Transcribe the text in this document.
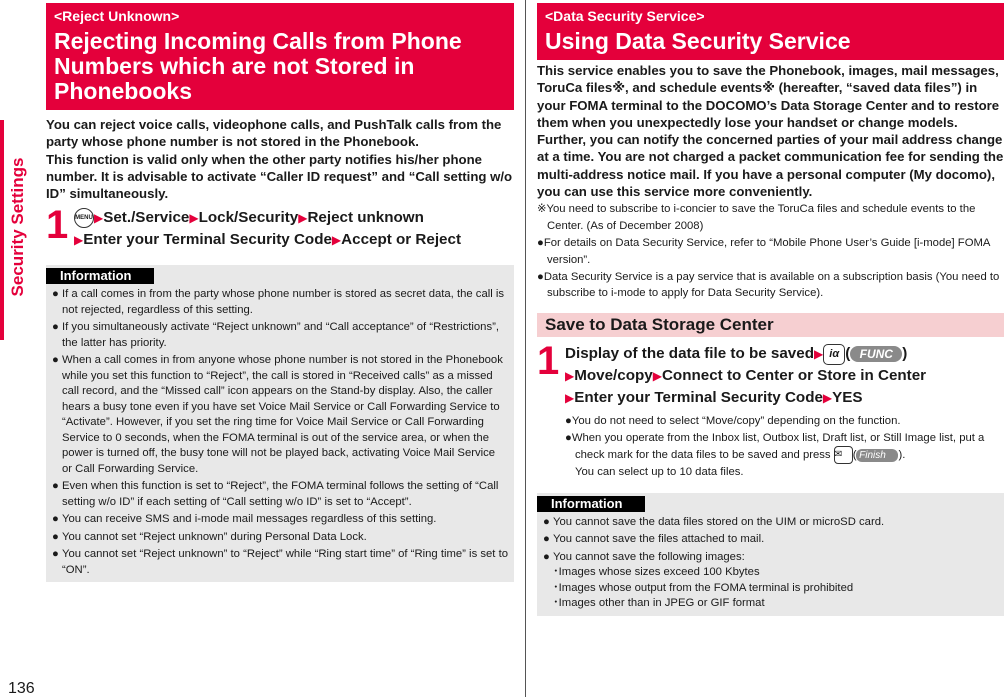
Security Settings
136
<Reject Unknown>
Rejecting Incoming Calls from Phone Numbers which are not Stored in Phonebooks
You can reject voice calls, videophone calls, and PushTalk calls from the party whose phone number is not stored in the Phonebook.
This function is valid only when the other party notifies his/her phone number. It is advisable to activate “Caller ID request” and “Call setting w/o ID” simultaneously.
1 MENU▶Set./Service▶Lock/Security▶Reject unknown
▶Enter your Terminal Security Code▶Accept or Reject
Information
● If a call comes in from the party whose phone number is stored as secret data, the call is not rejected, regardless of this setting.
● If you simultaneously activate “Reject unknown” and “Call acceptance” of “Restrictions”, the latter has priority.
● When a call comes in from anyone whose phone number is not stored in the Phonebook while you set this function to “Reject”, the call is stored in “Received calls” as a missed call record, and the “Missed call” icon appears on the Stand-by display. Also, the caller hears a busy tone even if you have set Voice Mail Service or Call Forwarding Service to “Activate”. However, if you set the ring time for Voice Mail Service or Call Forwarding Service to 0 seconds, when the FOMA terminal is out of the service area, or when the power is turned off, the busy tone will not be played back, activating Voice Mail Service or Call Forwarding Service.
● Even when this function is set to “Reject”, the FOMA terminal follows the setting of “Call setting w/o ID” if each setting of “Call setting w/o ID” is set to “Accept”.
● You can receive SMS and i-mode mail messages regardless of this setting.
● You cannot set “Reject unknown” during Personal Data Lock.
● You cannot set “Reject unknown” to “Reject” while “Ring start time” of “Ring time” is set to “ON”.
<Data Security Service>
Using Data Security Service
This service enables you to save the Phonebook, images, mail messages, ToruCa files※, and schedule events※ (hereafter, “saved data files”) in your FOMA terminal to the DOCOMO’s Data Storage Center and to restore them when you unexpectedly lose your handset or change models. Further, you can notify the concerned parties of your mail address change at a time. You are not charged a packet communication fee for sending the multi-address notice mail. If you have a personal computer (My docomo), you can use this service more conveniently.
※You need to subscribe to i-concier to save the ToruCa files and schedule events to the Center. (As of December 2008)
●For details on Data Security Service, refer to “Mobile Phone User’s Guide [i-mode] FOMA version”.
●Data Security Service is a pay service that is available on a subscription basis (You need to subscribe to i-mode to apply for Data Security Service).
Save to Data Storage Center
1 Display of the data file to be saved▶ iα ( FUNC )
▶Move/copy▶Connect to Center or Store in Center
▶Enter your Terminal Security Code▶YES
●You do not need to select “Move/copy” depending on the function.
●When you operate from the Inbox list, Outbox list, Draft list, or Still Image list, put a check mark for the data files to be saved and press ✉ ( Finish ).
You can select up to 10 data files.
Information
● You cannot save the data files stored on the UIM or microSD card.
● You cannot save the files attached to mail.
● You cannot save the following images:
･Images whose sizes exceed 100 Kbytes
･Images whose output from the FOMA terminal is prohibited
･Images other than in JPEG or GIF format
